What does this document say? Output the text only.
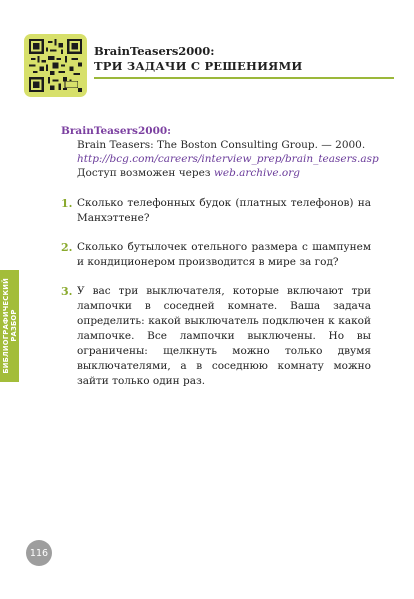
BrainTeasers2000:
ТРИ ЗАДАЧИ С РЕШЕНИЯМИ
BrainTeasers2000:
Brain Teasers: The Boston Consulting Group. — 2000.
http://bcg.com/careers/interview_prep/brain_teasers.asp
Доступ возможен через web.archive.org
1. Сколько телефонных будок (платных телефонов) на Манхэттене?
2. Сколько бутылочек отельного размера с шампунем и кондиционером производится в мире за год?
3. У вас три выключателя, которые включают три лампочки в соседней комнате. Ваша задача определить: какой выключатель подключен к какой лампочке. Все лампочки выключены. Но вы ограничены: щелкнуть можно только двумя выключателями, а в соседнюю комнату можно зайти только один раз.
БИБЛИОГРАФИЧЕСКИЙ
РАЗБОР
116
